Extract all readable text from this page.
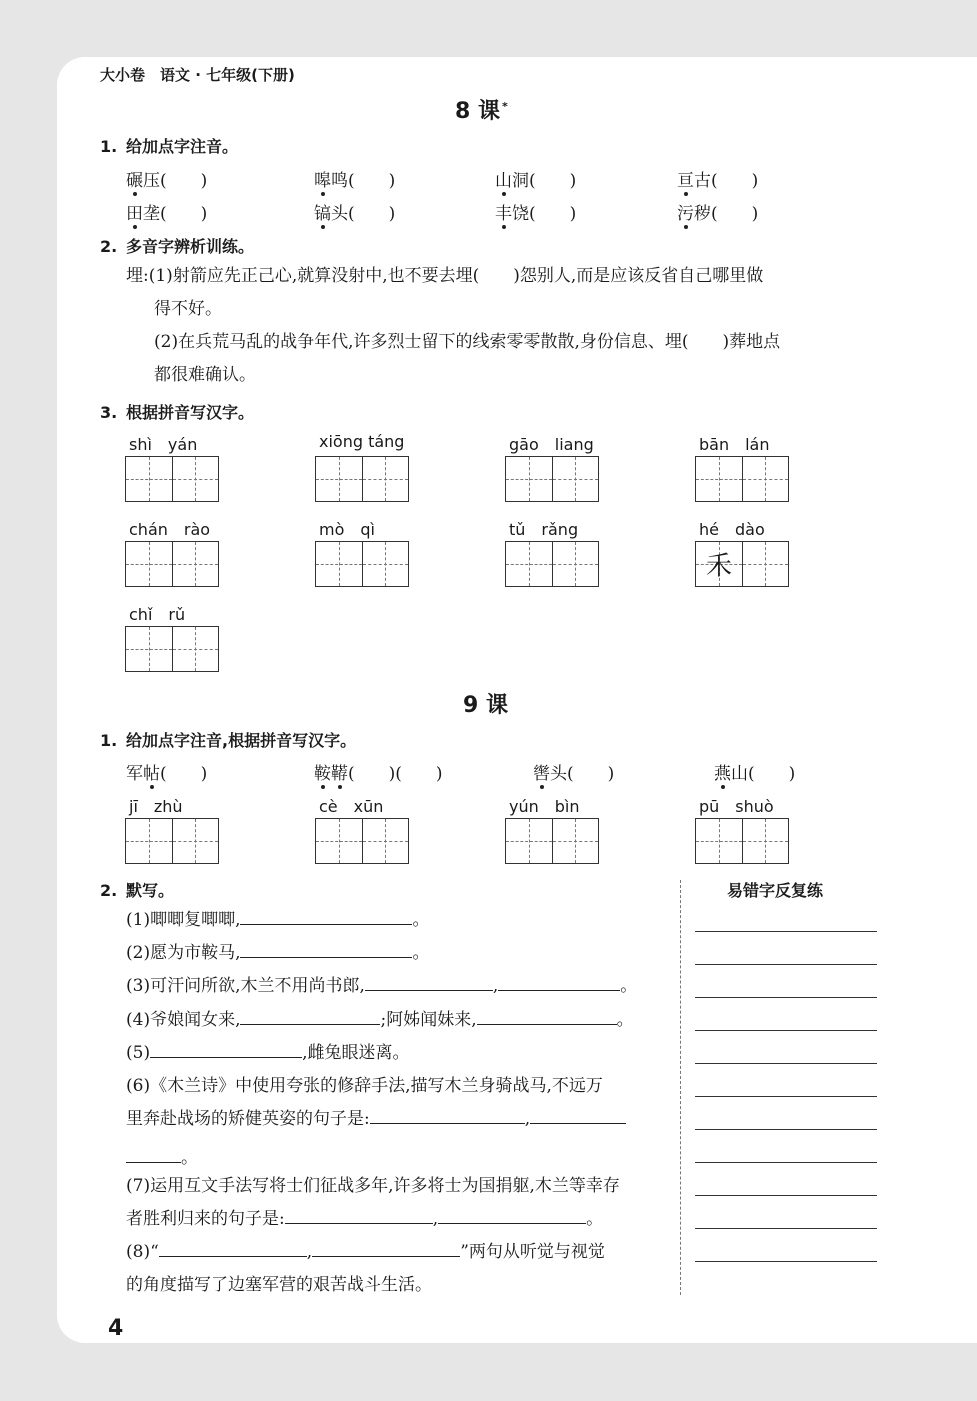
大小卷　语文 · 七年级(下册)
8 课 *
1. 给加点字注音。
碾压(　　)	嗥鸣(　　)	山洞(　　)	亘古(　　)
田垄(　　)	镐头(　　)	丰饶(　　)	污秽(　　)
2. 多音字辨析训练。
埋:(1)射箭应先正己心,就算没射中,也不要去埋(　　)怨别人,而是应该反省自己哪里做
得不好。
(2)在兵荒马乱的战争年代,许多烈士留下的线索零零散散,身份信息、埋(　　)葬地点
都很难确认。
3. 根据拼音写汉字。
shì　yán	xiōng táng	gāo　liang	bān　lán
chán　rào	mò　qì	tǔ　rǎng	hé　dào
禾
chǐ　rǔ
9 课
1. 给加点字注音,根据拼音写汉字。
军帖(　　)	鞍鞯(　　)(　　)	辔头(　　)	燕山(　　)
jī　zhù	cè　xūn	yún　bìn	pū　shuò
2. 默写。
(1)唧唧复唧唧,	。
(2)愿为市鞍马,	。
(3)可汗问所欲,木兰不用尚书郎,	,	。
(4)爷娘闻女来,	;阿姊闻妹来,	。
(5)	,雌兔眼迷离。
(6)《木兰诗》中使用夸张的修辞手法,描写木兰身骑战马,不远万
里奔赴战场的矫健英姿的句子是:	,
。
(7)运用互文手法写将士们征战多年,许多将士为国捐躯,木兰等幸存
者胜利归来的句子是:	,	。
(8)“	,	”两句从听觉与视觉
的角度描写了边塞军营的艰苦战斗生活。
易错字反复练
4
